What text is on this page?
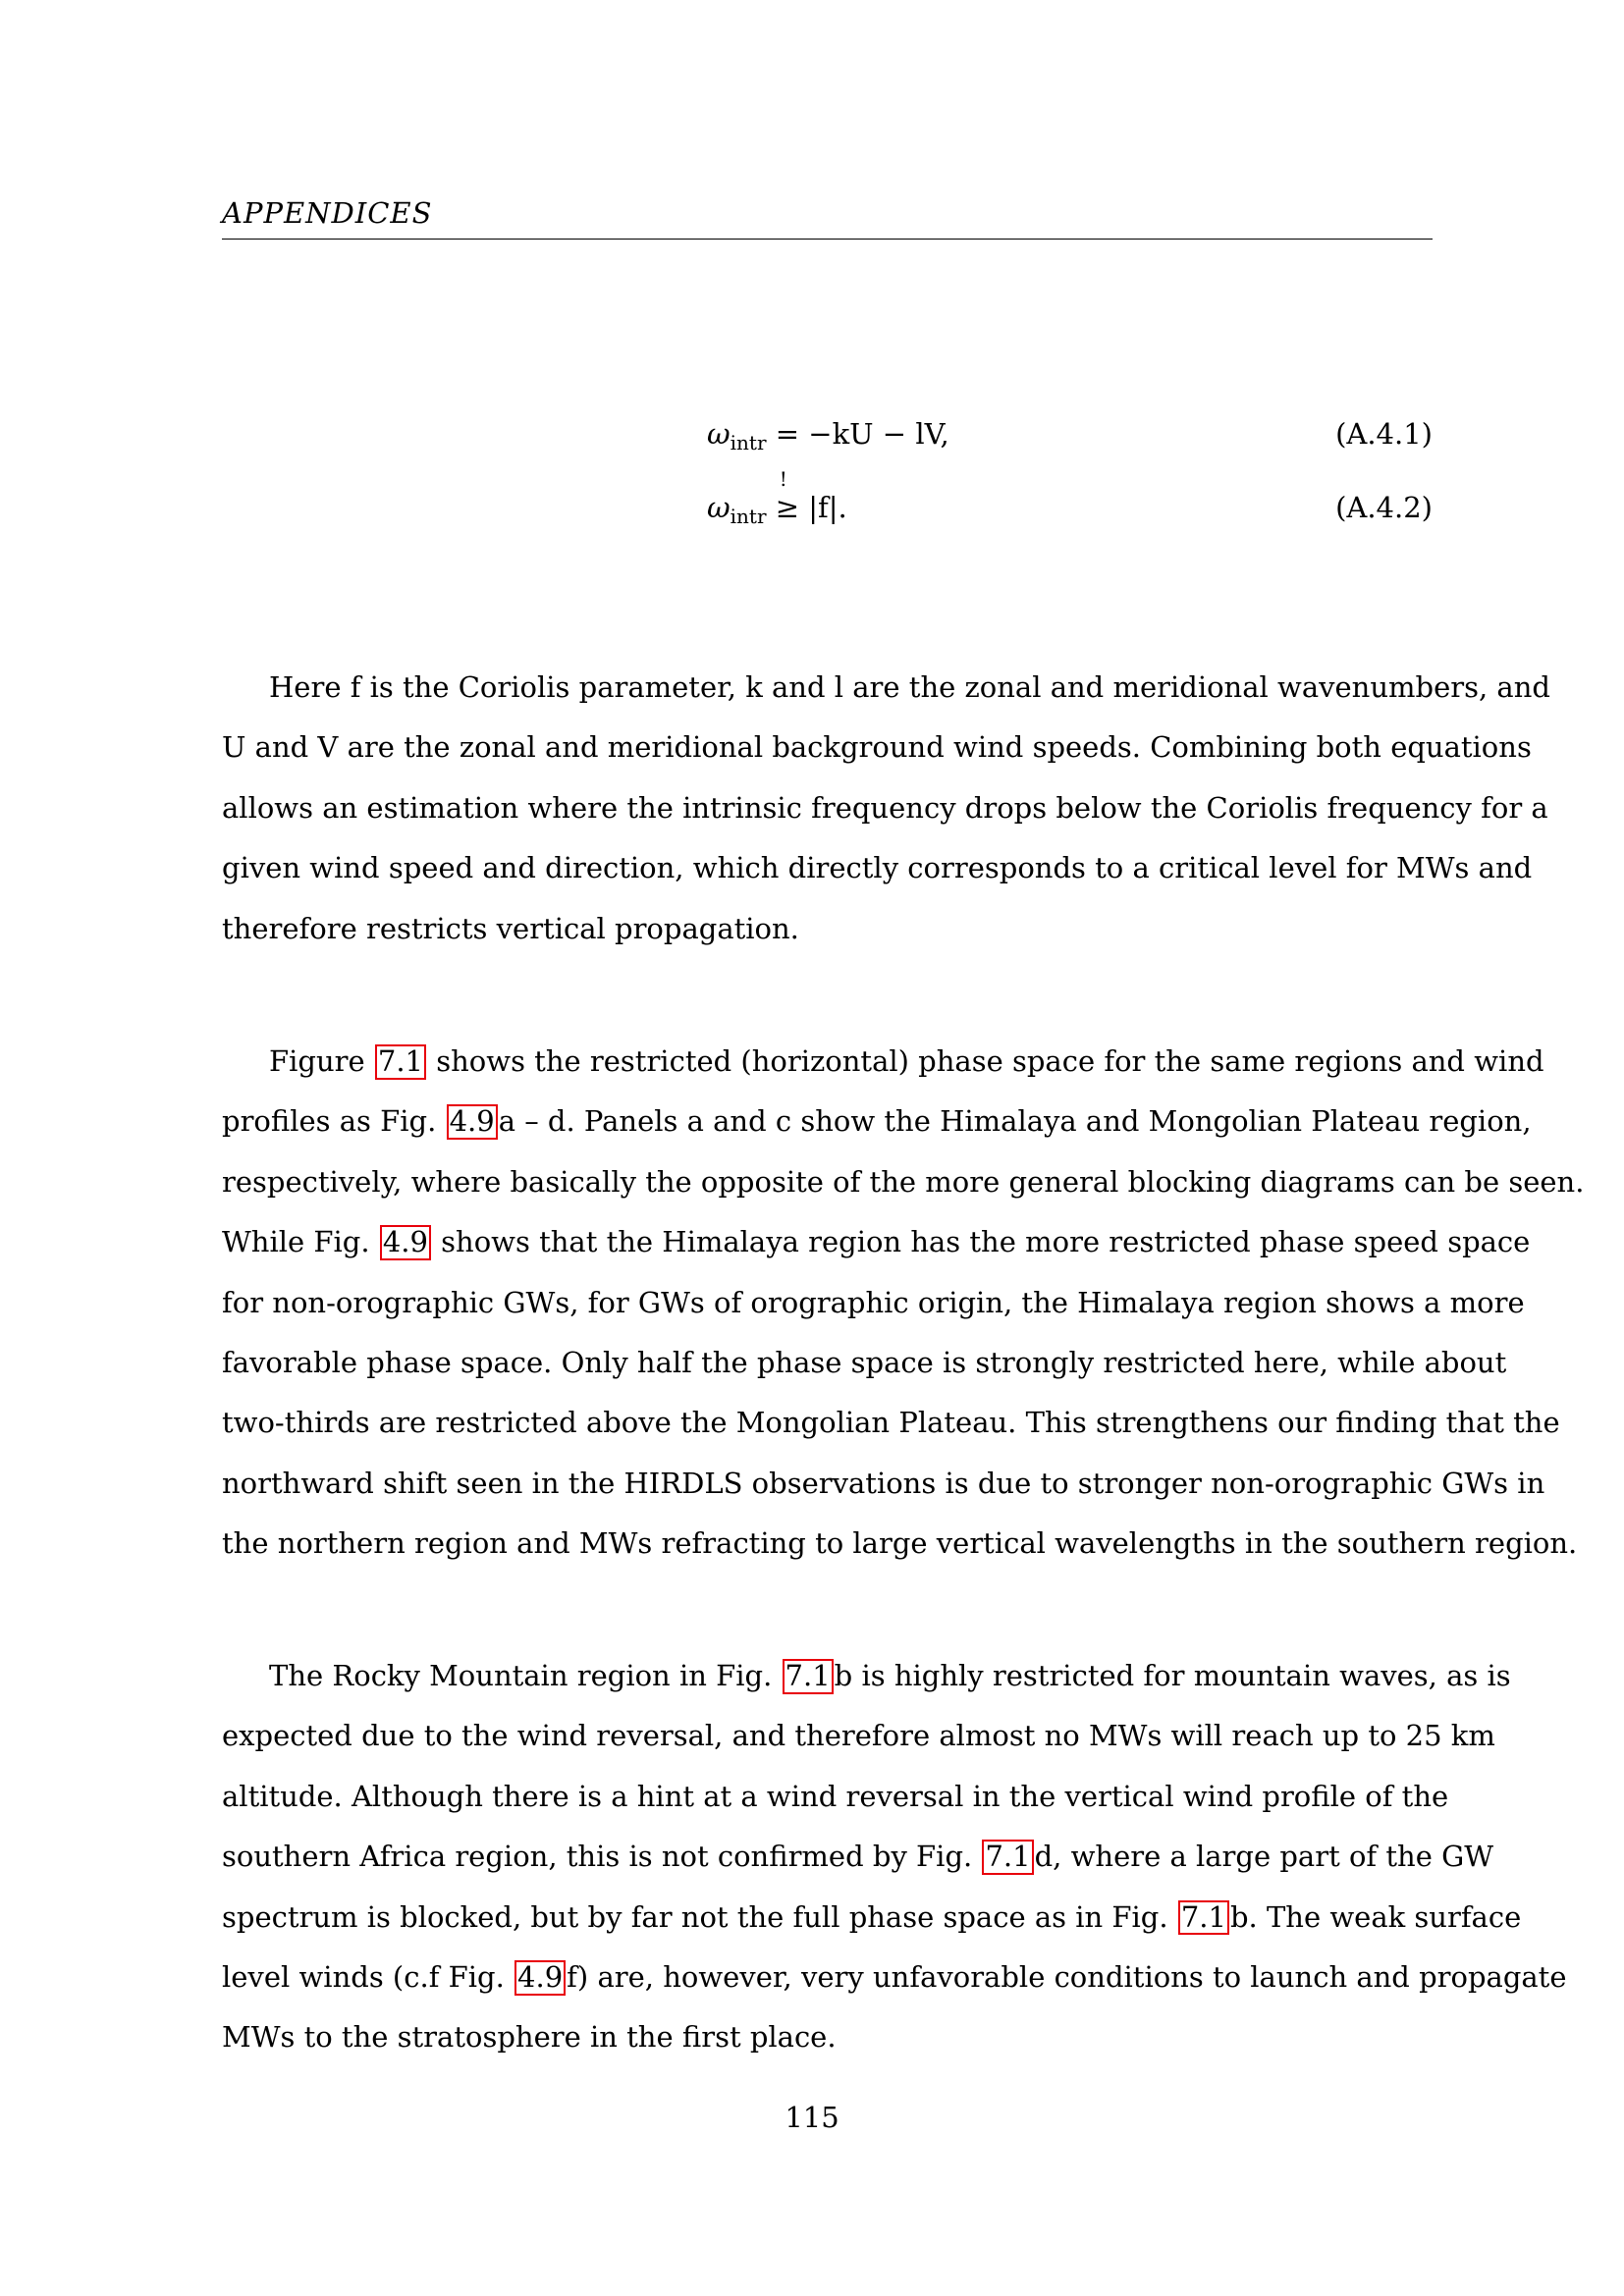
APPENDICES
$\omega_{intr} = -kU$ − lV,	(A.4.1)
$\omega_{intr}$
!
≥ |f|.	(A.4.2)
Here f is the Coriolis parameter, k and l are the zonal and meridional wavenumbers, and
U and V are the zonal and meridional background wind speeds. Combining both equations
allows an estimation where the intrinsic frequency drops below the Coriolis frequency for a
given wind speed and direction, which directly corresponds to a critical level for MWs and
therefore restricts vertical propagation.
Figure 7.1 shows the restricted (horizontal) phase space for the same regions and wind
profiles as Fig. 4.9 a – d. Panels a and c show the Himalaya and Mongolian Plateau region,
respectively, where basically the opposite of the more general blocking diagrams can be seen.
While Fig. 4.9 shows that the Himalaya region has the more restricted phase speed space
for non-orographic GWs, for GWs of orographic origin, the Himalaya region shows a more
favorable phase space. Only half the phase space is strongly restricted here, while about
two-thirds are restricted above the Mongolian Plateau. This strengthens our finding that the
northward shift seen in the HIRDLS observations is due to stronger non-orographic GWs in
the northern region and MWs refracting to large vertical wavelengths in the southern region.
The Rocky Mountain region in Fig. 7.1 b is highly restricted for mountain waves, as is
expected due to the wind reversal, and therefore almost no MWs will reach up to 25 km
altitude. Although there is a hint at a wind reversal in the vertical wind profile of the
southern Africa region, this is not confirmed by Fig. 7.1 d, where a large part of the GW
spectrum is blocked, but by far not the full phase space as in Fig. 7.1 b. The weak surface
level winds (c.f Fig. 4.9 f) are, however, very unfavorable conditions to launch and propagate
MWs to the stratosphere in the first place.
115
